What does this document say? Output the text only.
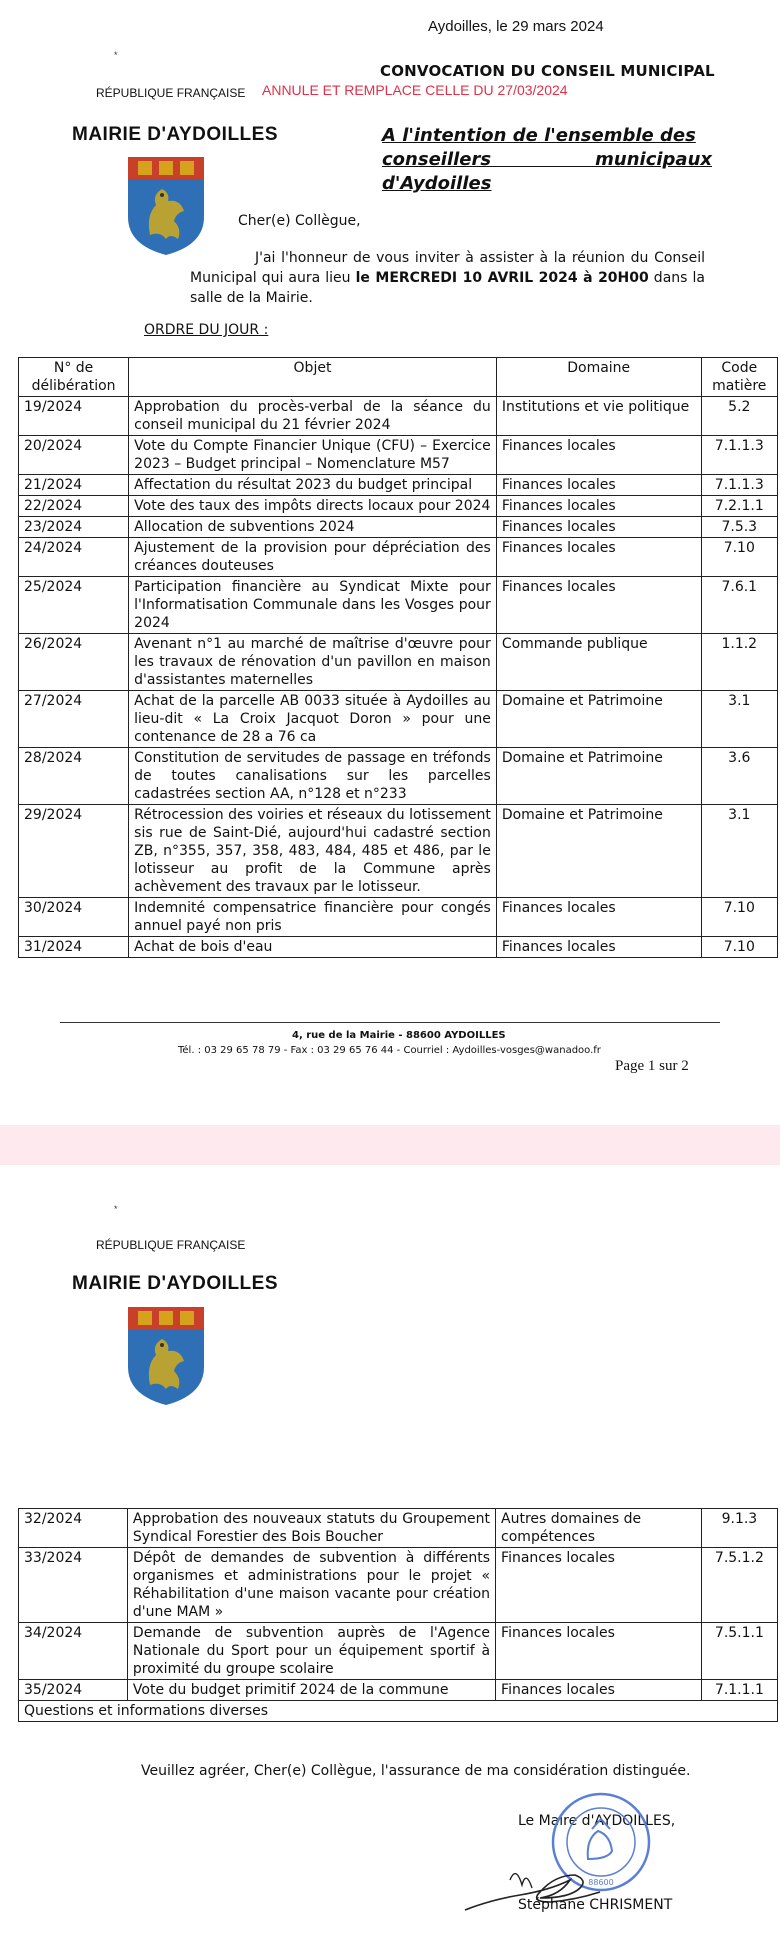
Aydoilles, le 29 mars 2024
*
CONVOCATION DU CONSEIL MUNICIPAL
RÉPUBLIQUE FRANÇAISE ANNULE ET REMPLACE CELLE DU 27/03/2024
MAIRIE D'AYDOILLES	A l'intention de l'ensemble des
conseillers municipaux d'Aydoilles
Cher(e) Collègue,
J'ai l'honneur de vous inviter à assister à la réunion du Conseil Municipal qui aura lieu le MERCREDI 10 AVRIL 2024 à 20H00 dans la salle de la Mairie.
ORDRE DU JOUR :
N° de délibération	Objet	Domaine	Code matière
19/2024	Approbation du procès-verbal de la séance du conseil municipal du 21 février 2024	Institutions et vie politique	5.2
20/2024	Vote du Compte Financier Unique (CFU) – Exercice 2023 – Budget principal – Nomenclature M57	Finances locales	7.1.1.3
21/2024	Affectation du résultat 2023 du budget principal	Finances locales	7.1.1.3
22/2024	Vote des taux des impôts directs locaux pour 2024	Finances locales	7.2.1.1
23/2024	Allocation de subventions 2024	Finances locales	7.5.3
24/2024	Ajustement de la provision pour dépréciation des créances douteuses	Finances locales	7.10
25/2024	Participation financière au Syndicat Mixte pour l'Informatisation Communale dans les Vosges pour 2024	Finances locales	7.6.1
26/2024	Avenant n°1 au marché de maîtrise d'œuvre pour les travaux de rénovation d'un pavillon en maison d'assistantes maternelles	Commande publique	1.1.2
27/2024	Achat de la parcelle AB 0033 située à Aydoilles au lieu-dit « La Croix Jacquot Doron » pour une contenance de 28 a 76 ca	Domaine et Patrimoine	3.1
28/2024	Constitution de servitudes de passage en tréfonds de toutes canalisations sur les parcelles cadastrées section AA, n°128 et n°233	Domaine et Patrimoine	3.6
29/2024	Rétrocession des voiries et réseaux du lotissement sis rue de Saint-Dié, aujourd'hui cadastré section ZB, n°355, 357, 358, 483, 484, 485 et 486, par le lotisseur au profit de la Commune après achèvement des travaux par le lotisseur.	Domaine et Patrimoine	3.1
30/2024	Indemnité compensatrice financière pour congés annuel payé non pris	Finances locales	7.10
31/2024	Achat de bois d'eau	Finances locales	7.10
4, rue de la Mairie - 88600 AYDOILLES
Tél. : 03 29 65 78 79 - Fax : 03 29 65 76 44 - Courriel : Aydoilles-vosges@wanadoo.fr
Page 1 sur 2
*
RÉPUBLIQUE FRANÇAISE
MAIRIE D'AYDOILLES
32/2024	Approbation des nouveaux statuts du Groupement Syndical Forestier des Bois Boucher	Autres domaines de compétences	9.1.3
33/2024	Dépôt de demandes de subvention à différents organismes et administrations pour le projet « Réhabilitation d'une maison vacante pour création d'une MAM »	Finances locales	7.5.1.2
34/2024	Demande de subvention auprès de l'Agence Nationale du Sport pour un équipement sportif à proximité du groupe scolaire	Finances locales	7.5.1.1
35/2024	Vote du budget primitif 2024 de la commune	Finances locales	7.1.1.1
Questions et informations diverses			
Veuillez agréer, Cher(e) Collègue, l'assurance de ma considération distinguée.
Le Maire d'AYDOILLES,
88600
Stéphane CHRISMENT
